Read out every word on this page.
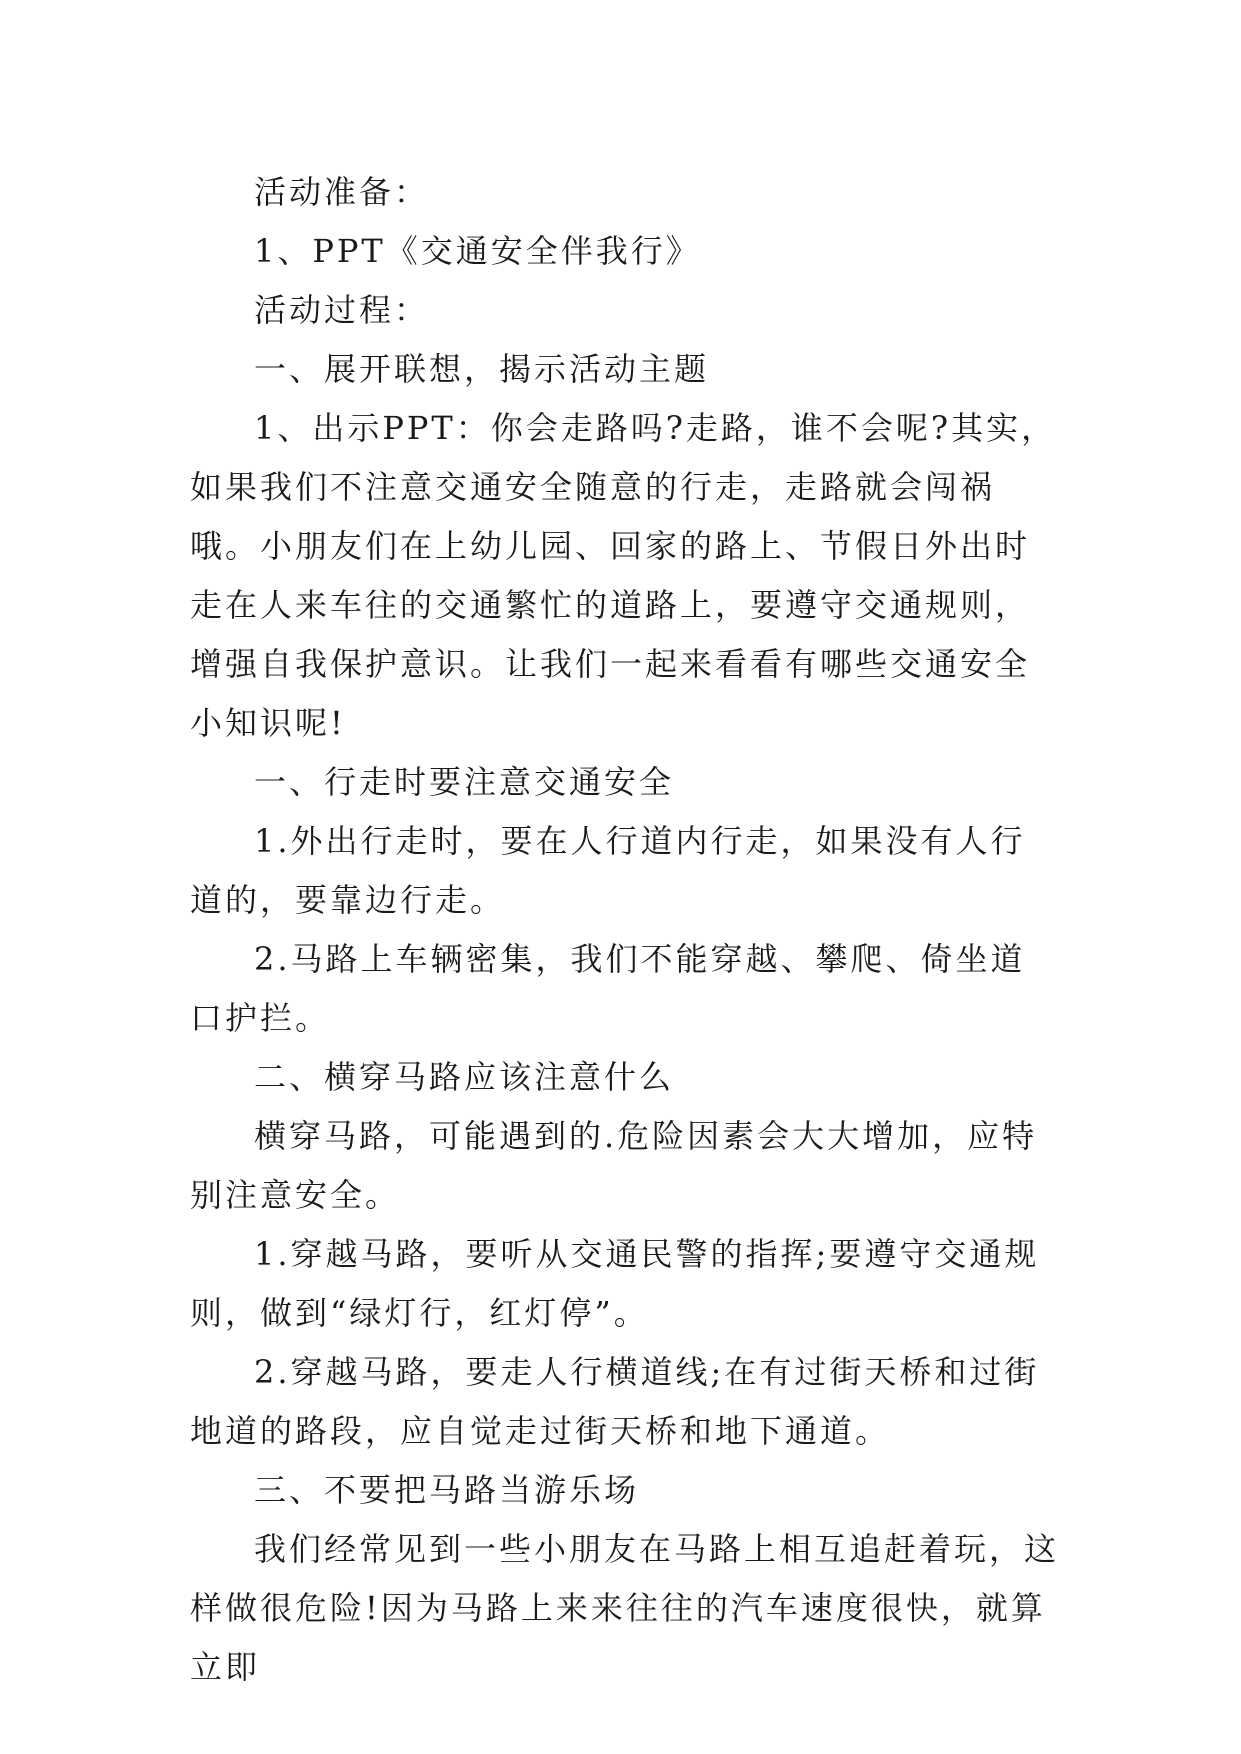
活动准备：

1、PPT《交通安全伴我行》

活动过程：

一、展开联想，揭示活动主题

1、出示PPT：你会走路吗?走路，谁不会呢?其实，如果我们不注意交通安全随意的行走，走路就会闯祸哦。小朋友们在上幼儿园、回家的路上、节假日外出时走在人来车往的交通繁忙的道路上，要遵守交通规则，增强自我保护意识。让我们一起来看看有哪些交通安全小知识呢!

一、行走时要注意交通安全

1.外出行走时，要在人行道内行走，如果没有人行道的，要靠边行走。

2.马路上车辆密集，我们不能穿越、攀爬、倚坐道口护拦。

二、横穿马路应该注意什么

横穿马路，可能遇到的.危险因素会大大增加，应特别注意安全。

1.穿越马路，要听从交通民警的指挥;要遵守交通规则，做到“绿灯行，红灯停”。

2.穿越马路，要走人行横道线;在有过街天桥和过街地道的路段，应自觉走过街天桥和地下通道。

三、不要把马路当游乐场

我们经常见到一些小朋友在马路上相互追赶着玩，这样做很危险!因为马路上来来往往的汽车速度很快，就算立即
